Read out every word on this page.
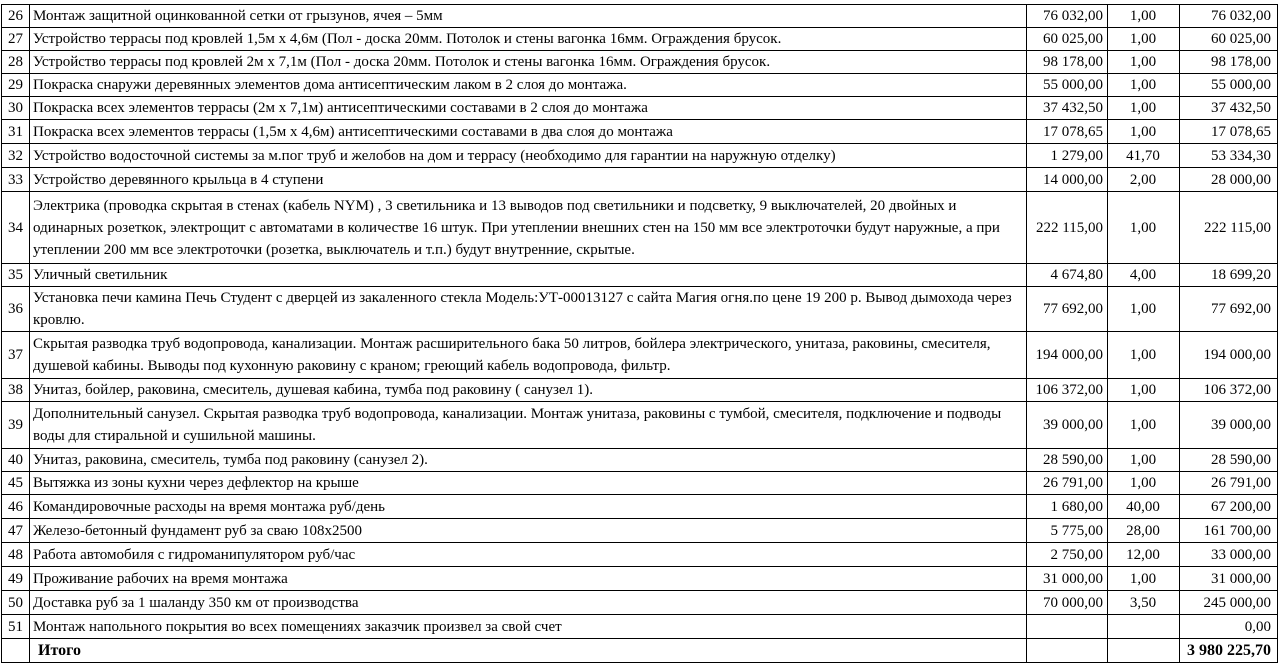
26	Монтаж защитной оцинкованной сетки от грызунов, ячея – 5мм	76 032,00	1,00	76 032,00
27	Устройство террасы под кровлей 1,5м х 4,6м (Пол - доска 20мм. Потолок и стены вагонка 16мм. Ограждения брусок.	60 025,00	1,00	60 025,00
28	Устройство террасы под кровлей 2м х 7,1м (Пол - доска 20мм. Потолок и стены вагонка 16мм. Ограждения брусок.	98 178,00	1,00	98 178,00
29	Покраска снаружи деревянных элементов дома антисептическим лаком в 2 слоя до монтажа.	55 000,00	1,00	55 000,00
30	Покраска всех элементов террасы (2м х 7,1м) антисептическими составами в 2 слоя до монтажа	37 432,50	1,00	37 432,50
31	Покраска всех элементов террасы (1,5м х 4,6м) антисептическими составами в два слоя до монтажа	17 078,65	1,00	17 078,65
32	Устройство водосточной системы за м.пог труб и желобов на дом и террасу (необходимо для гарантии на наружную отделку)	1 279,00	41,70	53 334,30
33	Устройство деревянного крыльца в 4 ступени	14 000,00	2,00	28 000,00
34	Электрика (проводка скрытая в стенах (кабель NYM) , 3 светильника и 13 выводов под светильники и подсветку, 9 выключателей, 20 двойных и одинарных розеткок, электрощит с автоматами в количестве 16 штук. При утеплении внешних стен на 150 мм все электроточки будут наружные, а при утеплении 200 мм все электроточки (розетка, выключатель и т.п.) будут внутренние, скрытые.	222 115,00	1,00	222 115,00
35	Уличный светильник	4 674,80	4,00	18 699,20
36	Установка печи камина Печь Студент с дверцей из закаленного стекла Модель:УТ-00013127 с сайта Магия огня.по цене 19 200 р. Вывод дымохода через кровлю.	77 692,00	1,00	77 692,00
37	Скрытая разводка труб водопровода, канализации. Монтаж расширительного бака 50 литров, бойлера электрического, унитаза, раковины, смесителя, душевой кабины. Выводы под кухонную раковину с краном; греющий кабель водопровода, фильтр.	194 000,00	1,00	194 000,00
38	Унитаз, бойлер, раковина, смеситель, душевая кабина, тумба под раковину ( санузел 1).	106 372,00	1,00	106 372,00
39	Дополнительный санузел. Скрытая разводка труб водопровода, канализации. Монтаж унитаза, раковины с тумбой, смесителя, подключение и подводы воды для стиральной и сушильной машины.	39 000,00	1,00	39 000,00
40	Унитаз, раковина, смеситель, тумба под раковину (санузел 2).	28 590,00	1,00	28 590,00
45	Вытяжка из зоны кухни через дефлектор на крыше	26 791,00	1,00	26 791,00
46	Командировочные расходы на время монтажа руб/день	1 680,00	40,00	67 200,00
47	Железо-бетонный фундамент руб за сваю 108х2500	5 775,00	28,00	161 700,00
48	Работа автомобиля с гидроманипулятором руб/час	2 750,00	12,00	33 000,00
49	Проживание рабочих на время монтажа	31 000,00	1,00	31 000,00
50	Доставка руб за 1 шаланду 350 км от производства	70 000,00	3,50	245 000,00
51	Монтаж напольного покрытия во всех помещениях заказчик произвел за свой счет			0,00
	Итого			3 980 225,70
